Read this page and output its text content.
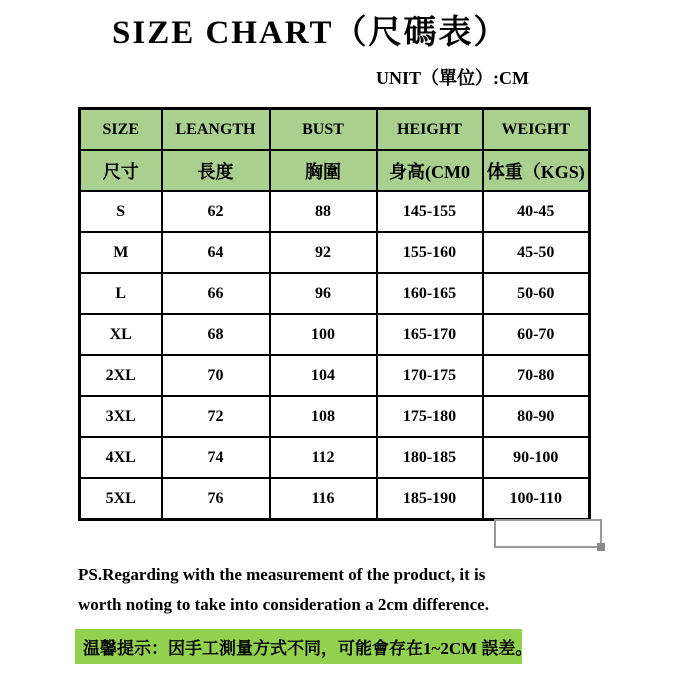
SIZE CHART（尺碼表）
UNIT（單位）:CM
SIZE	LEANGTH	BUST	HEIGHT	WEIGHT
尺寸	長度	胸圍	身高(CM0	体重（KGS)
S	62	88	145-155	40-45
M	64	92	155-160	45-50
L	66	96	160-165	50-60
XL	68	100	165-170	60-70
2XL	70	104	170-175	70-80
3XL	72	108	175-180	80-90
4XL	74	112	180-185	90-100
5XL	76	116	185-190	100-110
PS.Regarding with the measurement of the product, it is
worth noting to take into consideration a 2cm difference.
温馨提示：因手工測量方式不同，可能會存在1~2CM 誤差。
